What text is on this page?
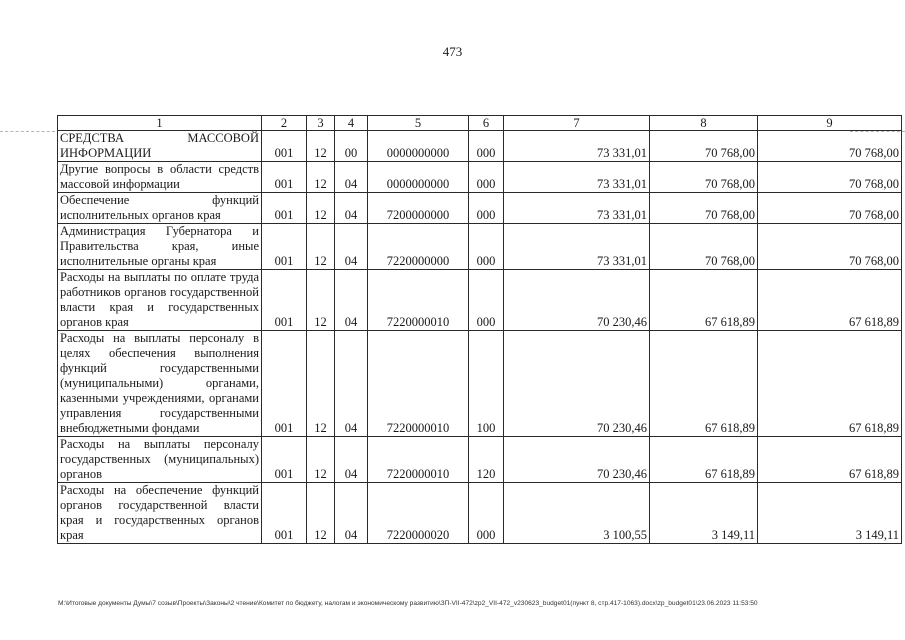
473
1	2	3	4	5	6	7	8	9
СРЕДСТВА МАССОВОЙ ИНФОРМАЦИИ	001	12	00	0000000000	000	73 331,01	70 768,00	70 768,00
Другие вопросы в области средств массовой информации	001	12	04	0000000000	000	73 331,01	70 768,00	70 768,00
Обеспечение функций исполнительных органов края	001	12	04	7200000000	000	73 331,01	70 768,00	70 768,00
Администрация Губернатора и Правительства края, иные исполнительные органы края	001	12	04	7220000000	000	73 331,01	70 768,00	70 768,00
Расходы на выплаты по оплате труда работников органов государственной власти края и государственных органов края	001	12	04	7220000010	000	70 230,46	67 618,89	67 618,89
Расходы на выплаты персоналу в целях обеспечения выполнения функций государственными (муниципальными) органами, казенными учреждениями, органами управления государственными внебюджетными фондами	001	12	04	7220000010	100	70 230,46	67 618,89	67 618,89
Расходы на выплаты персоналу государственных (муниципальных) органов	001	12	04	7220000010	120	70 230,46	67 618,89	67 618,89
Расходы на обеспечение функций органов государственной власти края и государственных органов края	001	12	04	7220000020	000	3 100,55	3 149,11	3 149,11
M:\Итоговые документы Думы\7 созыв\Проекты\Законы\2 чтение\Комитет по бюджету, налогам и экономическому развитию\ЗП-VII-472\zp2_VII-472_v230623_budget01(пункт 8, стр.417-1063).docx\zp_budget01\23.06.2023 11:53:50
